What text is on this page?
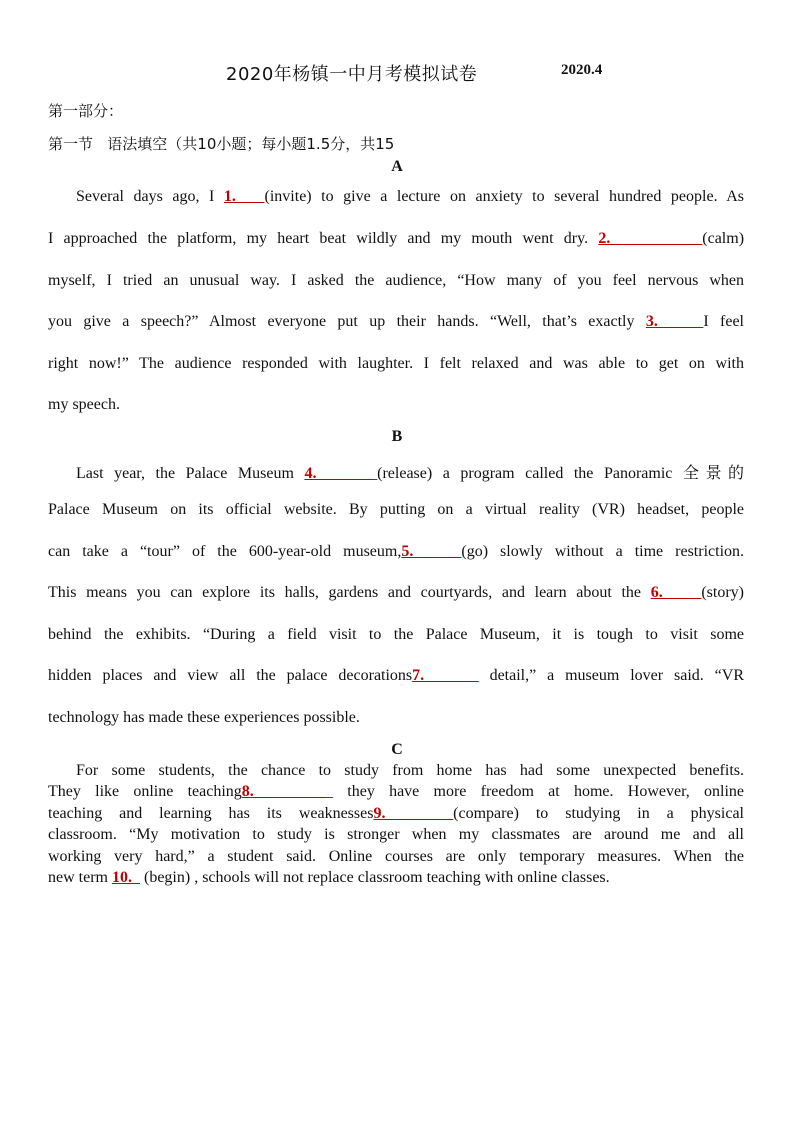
2020年杨镇一中月考模拟试卷	2020.4
第一部分：
第一节   语法填空（共10小题；每小题1.5分，共15
A
Several days ago, I 1.   (invite) to give a lecture on anxiety to several hundred people. As
I approached the platform, my heart beat wildly and my mouth went dry. 2.         (calm)
myself, I tried an unusual way. I asked the audience, “How many of you feel nervous when
you give a speech?” Almost everyone put up their hands. “Well, that’s exactly 3.    I feel
right now!” The audience responded with laughter. I felt relaxed and was able to get on with
my speech.
B
Last year, the Palace Museum 4.     _(release) a program called the Panoramic 全景的
Palace Museum on its official website. By putting on a virtual reality (VR) headset, people
can take a “tour” of the 600-year-old museum,5.    (go) slowly without a time restriction.
This means you can explore its halls, gardens and courtyards, and learn about the 6.    (story)
behind the exhibits. “During a field visit to the Palace Museum, it is tough to visit some
hidden places and view all the palace decorations7.      detail,” a museum lover said. “VR
technology has made these experiences possible.
C
For some students, the chance to study from home has had some unexpected benefits.
They like online teaching8.     _ they have more freedom at home. However, online
teaching and learning has its weaknesses9.    (compare) to studying in a physical
classroom. “My motivation to study is stronger when my classmates are around me and all
working very hard,” a student said. Online courses are only temporary measures. When the
new term 10.   (begin) , schools will not replace classroom teaching with online classes.
